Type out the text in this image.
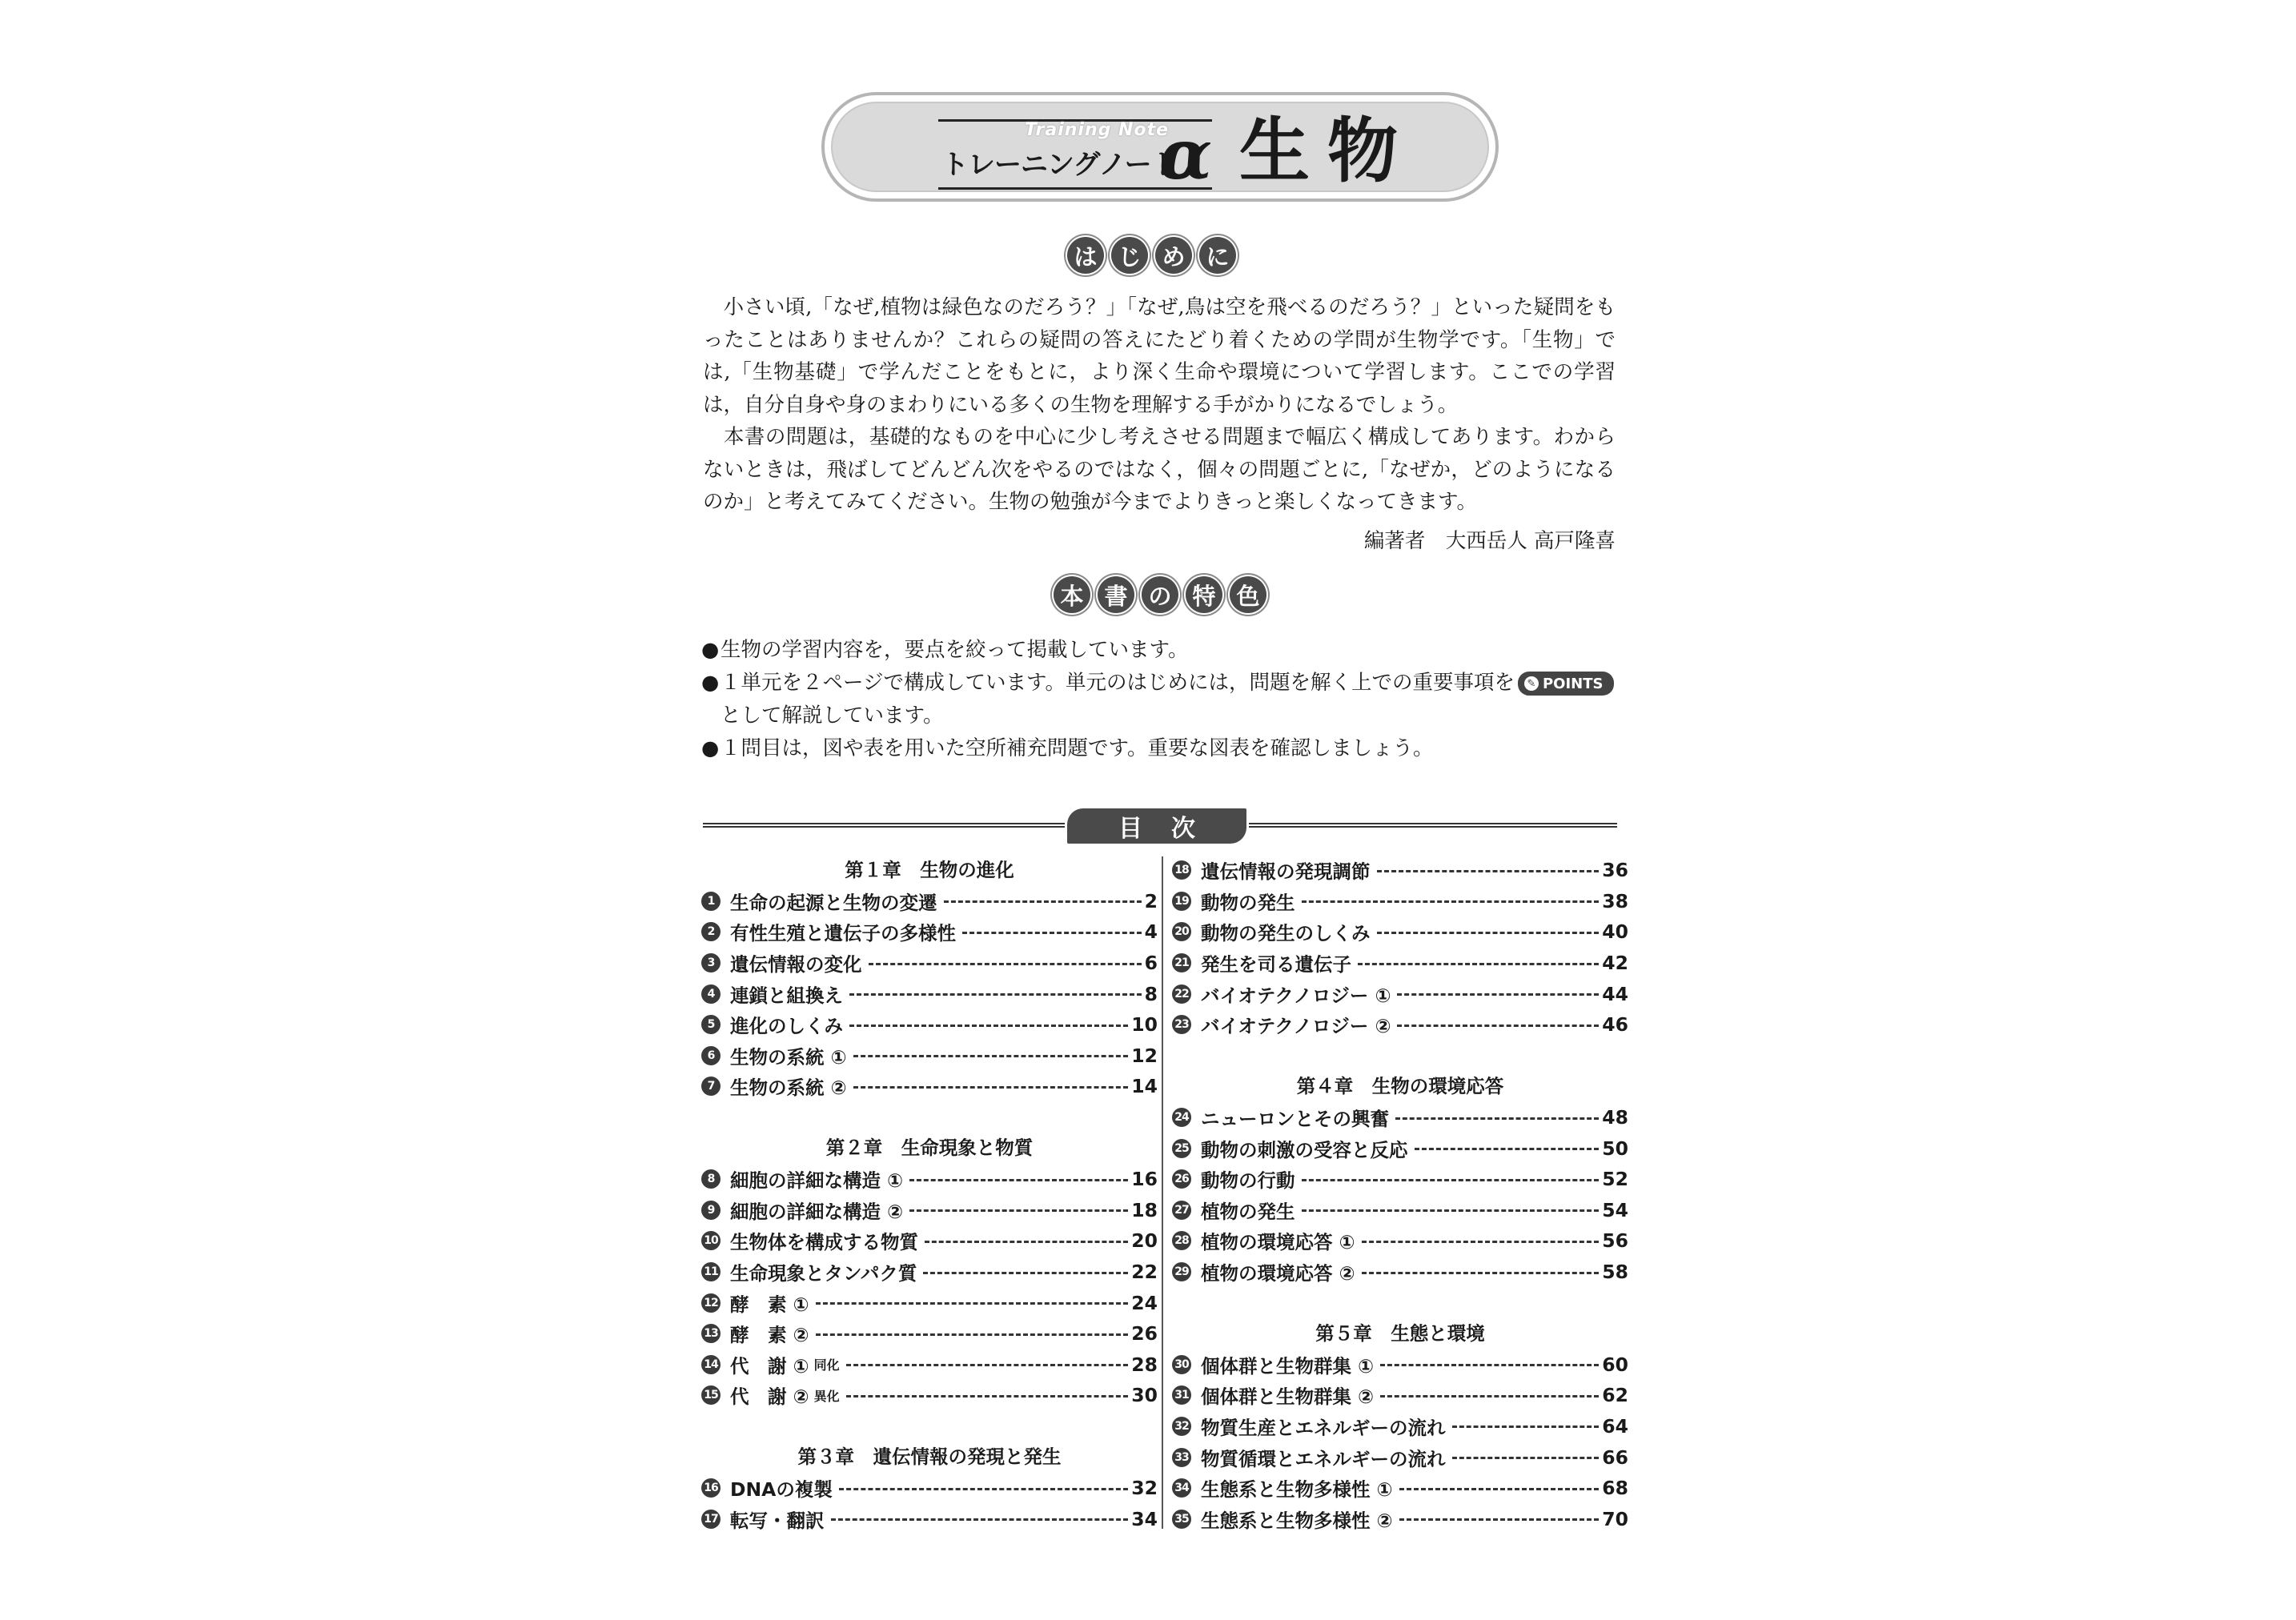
Training Note
トレーニングノート
α 生物
は じ め に

　小さい頃,「なぜ,植物は緑色なのだろう？」「なぜ,鳥は空を飛べるのだろう？」といった疑問をもったことはありませんか？これらの疑問の答えにたどり着くための学問が生物学です。「生物」では,「生物基礎」で学んだことをもとに，より深く生命や環境について学習します。ここでの学習は，自分自身や身のまわりにいる多くの生物を理解する手がかりになるでしょう。

　本書の問題は，基礎的なものを中心に少し考えさせる問題まで幅広く構成してあります。わからないときは，飛ばしてどんどん次をやるのではなく，個々の問題ごとに,「なぜか，どのようになるのか」と考えてみてください。生物の勉強が今までよりきっと楽しくなってきます。

編著者　大西岳人 高戸隆喜
本 書 の 特 色
● 生物の学習内容を，要点を絞って掲載しています。
● １単元を２ページで構成しています。単元のはじめには，問題を解く上での重要事項を ✎ POINTS
として解説しています。
● １問目は，図や表を用いた空所補充問題です。重要な図表を確認しましょう。
目次
第１章　生物の進化
1 生命の起源と生物の変遷	2
2 有性生殖と遺伝子の多様性	4
3 遺伝情報の変化	6
4 連鎖と組換え	8
5 進化のしくみ	10
6 生物の系統 ①	12
7 生物の系統 ②	14
第２章　生命現象と物質
8 細胞の詳細な構造 ①	16
9 細胞の詳細な構造 ②	18
10 生物体を構成する物質	20
11 生命現象とタンパク質	22
12 酵　素 ①	24
13 酵　素 ②	26
14 代　謝 ① 同化	28
15 代　謝 ② 異化	30
第３章　遺伝情報の発現と発生
16 DNAの複製	32
17 転写・翻訳	34
18 遺伝情報の発現調節	36
19 動物の発生	38
20 動物の発生のしくみ	40
21 発生を司る遺伝子	42
22 バイオテクノロジー ①	44
23 バイオテクノロジー ②	46
第４章　生物の環境応答
24 ニューロンとその興奮	48
25 動物の刺激の受容と反応	50
26 動物の行動	52
27 植物の発生	54
28 植物の環境応答 ①	56
29 植物の環境応答 ②	58
第５章　生態と環境
30 個体群と生物群集 ①	60
31 個体群と生物群集 ②	62
32 物質生産とエネルギーの流れ	64
33 物質循環とエネルギーの流れ	66
34 生態系と生物多様性 ①	68
35 生態系と生物多様性 ②	70
